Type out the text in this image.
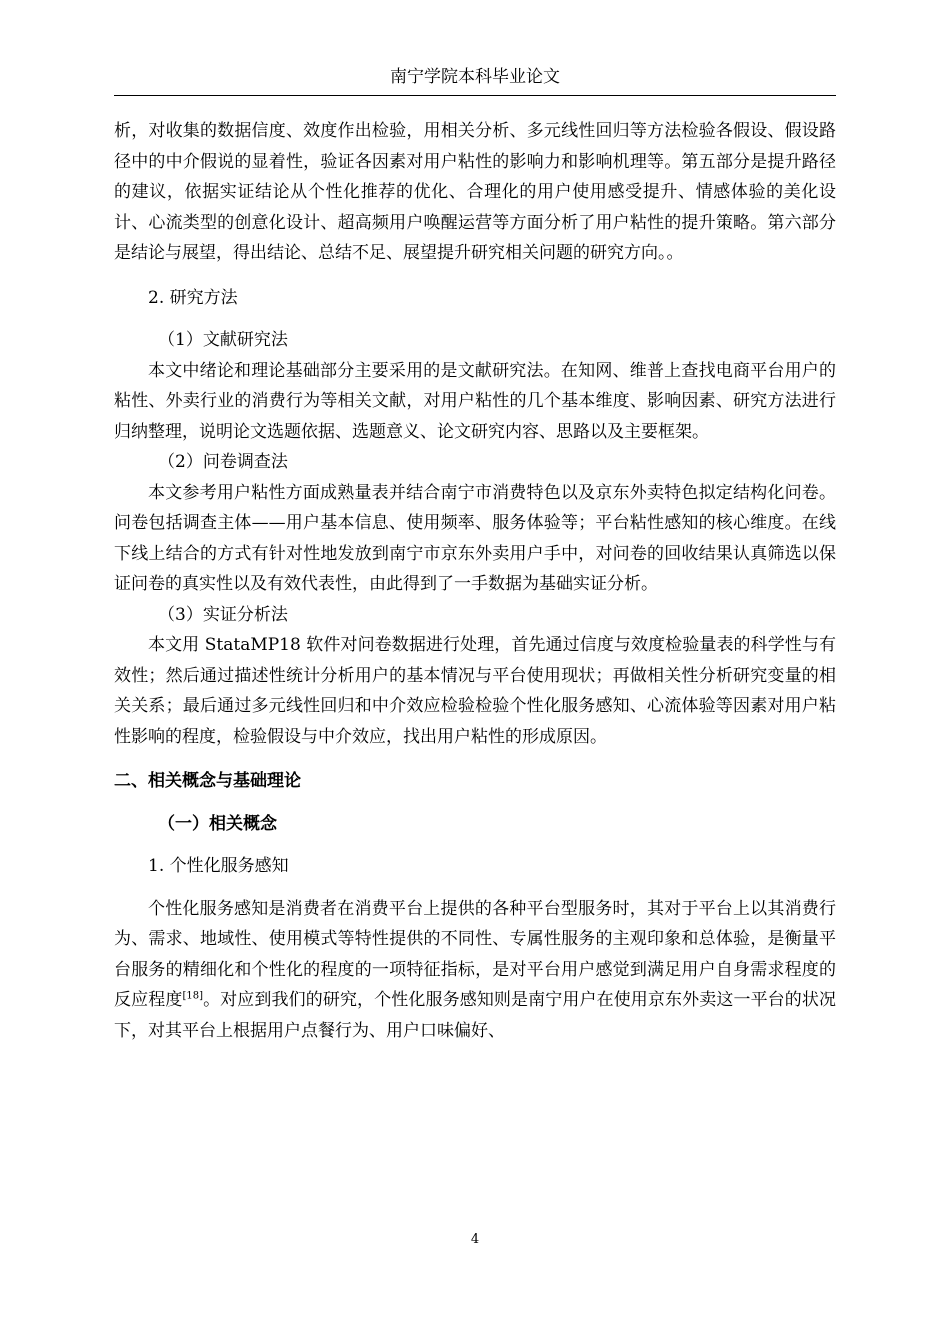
南宁学院本科毕业论文

析，对收集的数据信度、效度作出检验，用相关分析、多元线性回归等方法检验各假设、假设路径中的中介假说的显着性，验证各因素对用户粘性的影响力和影响机理等。第五部分是提升路径的建议，依据实证结论从个性化推荐的优化、合理化的用户使用感受提升、情感体验的美化设计、心流类型的创意化设计、超高频用户唤醒运营等方面分析了用户粘性的提升策略。第六部分是结论与展望，得出结论、总结不足、展望提升研究相关问题的研究方向。。

2. 研究方法

（1）文献研究法

本文中绪论和理论基础部分主要采用的是文献研究法。在知网、维普上查找电商平台用户的粘性、外卖行业的消费行为等相关文献，对用户粘性的几个基本维度、影响因素、研究方法进行归纳整理，说明论文选题依据、选题意义、论文研究内容、思路以及主要框架。

（2）问卷调查法

本文参考用户粘性方面成熟量表并结合南宁市消费特色以及京东外卖特色拟定结构化问卷。问卷包括调查主体——用户基本信息、使用频率、服务体验等；平台粘性感知的核心维度。在线下线上结合的方式有针对性地发放到南宁市京东外卖用户手中，对问卷的回收结果认真筛选以保证问卷的真实性以及有效代表性，由此得到了一手数据为基础实证分析。

（3）实证分析法

本文用 StataMP18 软件对问卷数据进行处理，首先通过信度与效度检验量表的科学性与有效性；然后通过描述性统计分析用户的基本情况与平台使用现状；再做相关性分析研究变量的相关关系；最后通过多元线性回归和中介效应检验检验个性化服务感知、心流体验等因素对用户粘性影响的程度，检验假设与中介效应，找出用户粘性的形成原因。

二、相关概念与基础理论

（一）相关概念

1. 个性化服务感知

个性化服务感知是消费者在消费平台上提供的各种平台型服务时，其对于平台上以其消费行为、需求、地域性、使用模式等特性提供的不同性、专属性服务的主观印象和总体验，是衡量平台服务的精细化和个性化的程度的一项特征指标，是对平台用户感觉到满足用户自身需求程度的反应程度[18]。对应到我们的研究，个性化服务感知则是南宁用户在使用京东外卖这一平台的状况下，对其平台上根据用户点餐行为、用户口味偏好、

4
